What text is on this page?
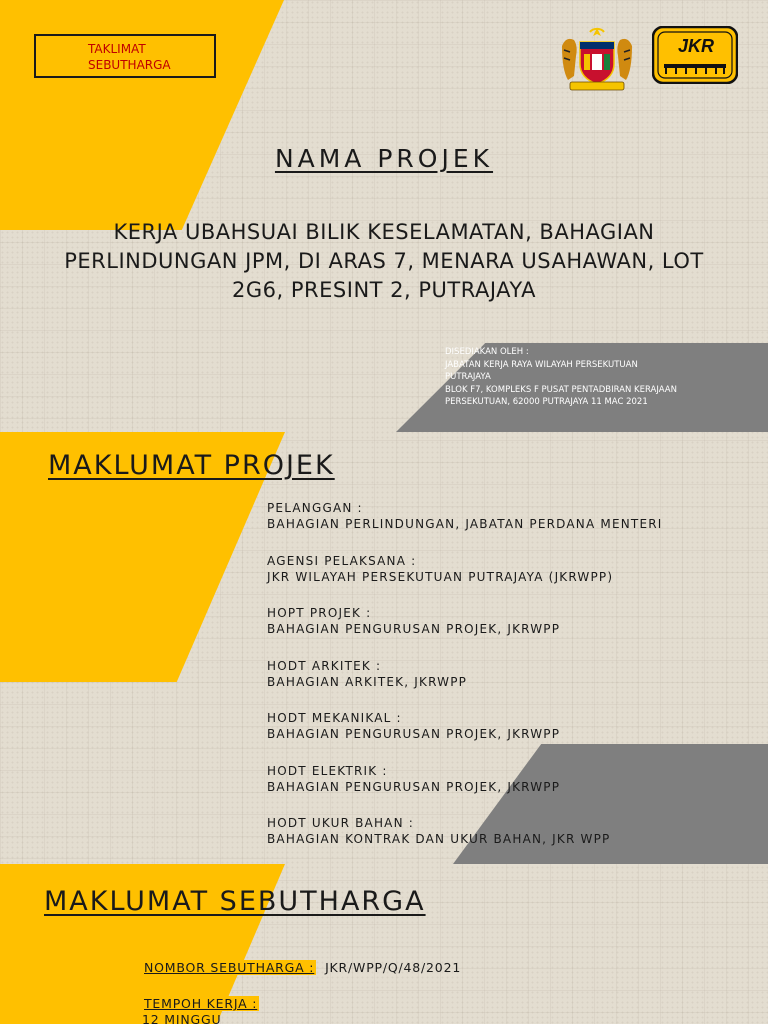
TAKLIMAT SEBUTHARGA
JKR
NAMA PROJEK
KERJA UBAHSUAI BILIK KESELAMATAN, BAHAGIAN PERLINDUNGAN JPM, DI ARAS 7, MENARA USAHAWAN, LOT 2G6, PRESINT 2, PUTRAJAYA
DISEDIAKAN OLEH :
JABATAN KERJA RAYA WILAYAH PERSEKUTUAN PUTRAJAYA
BLOK F7, KOMPLEKS F PUSAT PENTADBIRAN KERAJAAN PERSEKUTUAN, 62000 PUTRAJAYA 11 MAC 2021
MAKLUMAT PROJEK
PELANGGAN :
BAHAGIAN PERLINDUNGAN, JABATAN PERDANA MENTERI
AGENSI PELAKSANA :
JKR WILAYAH PERSEKUTUAN PUTRAJAYA (JKRWPP)
HOPT PROJEK :
BAHAGIAN PENGURUSAN PROJEK, JKRWPP
HODT ARKITEK :
BAHAGIAN ARKITEK, JKRWPP
HODT MEKANIKAL :
BAHAGIAN PENGURUSAN PROJEK, JKRWPP
HODT ELEKTRIK :
BAHAGIAN PENGURUSAN PROJEK, JKRWPP
HODT UKUR BAHAN :
BAHAGIAN KONTRAK DAN UKUR BAHAN, JKR WPP
MAKLUMAT SEBUTHARGA
NOMBOR SEBUTHARGA : JKR/WPP/Q/48/2021
TEMPOH KERJA :
12 MINGGU
